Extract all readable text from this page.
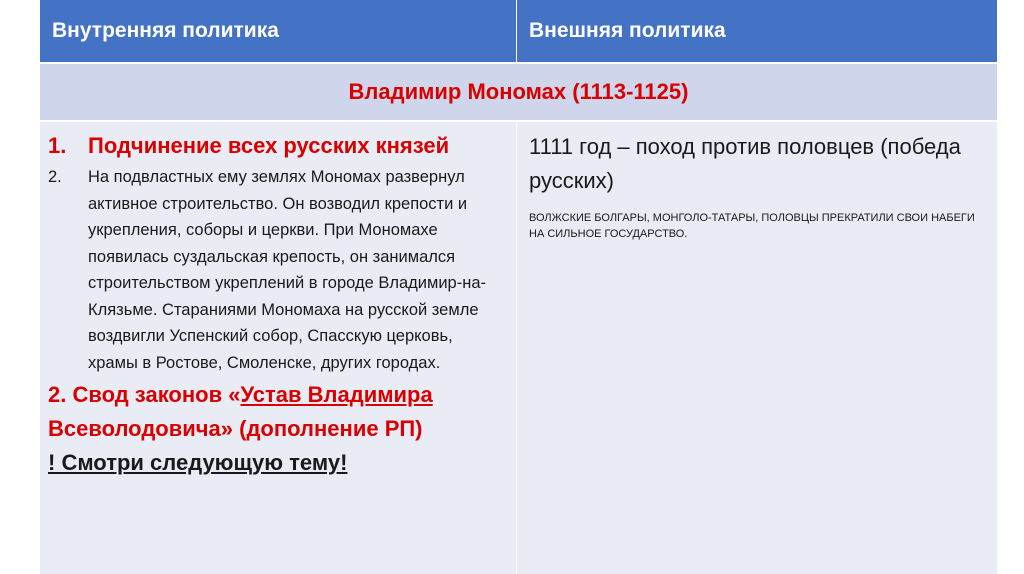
Внутренняя политика	Внешняя политика
Владимир Мономах (1113-1125)
1. Подчинение всех русских князей
2.	На подвластных ему землях Мономах развернул активное строительство. Он возводил крепости и укрепления, соборы и церкви. При Мономахе появилась суздальская крепость, он занимался строительством укреплений в городе Владимир-на-Клязьме. Стараниями Мономаха на русской земле воздвигли Успенский собор, Спасскую церковь, храмы в Ростове, Смоленске, других городах.
2. Свод законов «Устав Владимира
Всеволодовича» (дополнение РП)
! Смотри следующую тему!
1111 год – поход против половцев (победа русских)
ВОЛЖСКИЕ БОЛГАРЫ, МОНГОЛО-ТАТАРЫ, ПОЛОВЦЫ ПРЕКРАТИЛИ СВОИ НАБЕГИ НА СИЛЬНОЕ ГОСУДАРСТВО.
